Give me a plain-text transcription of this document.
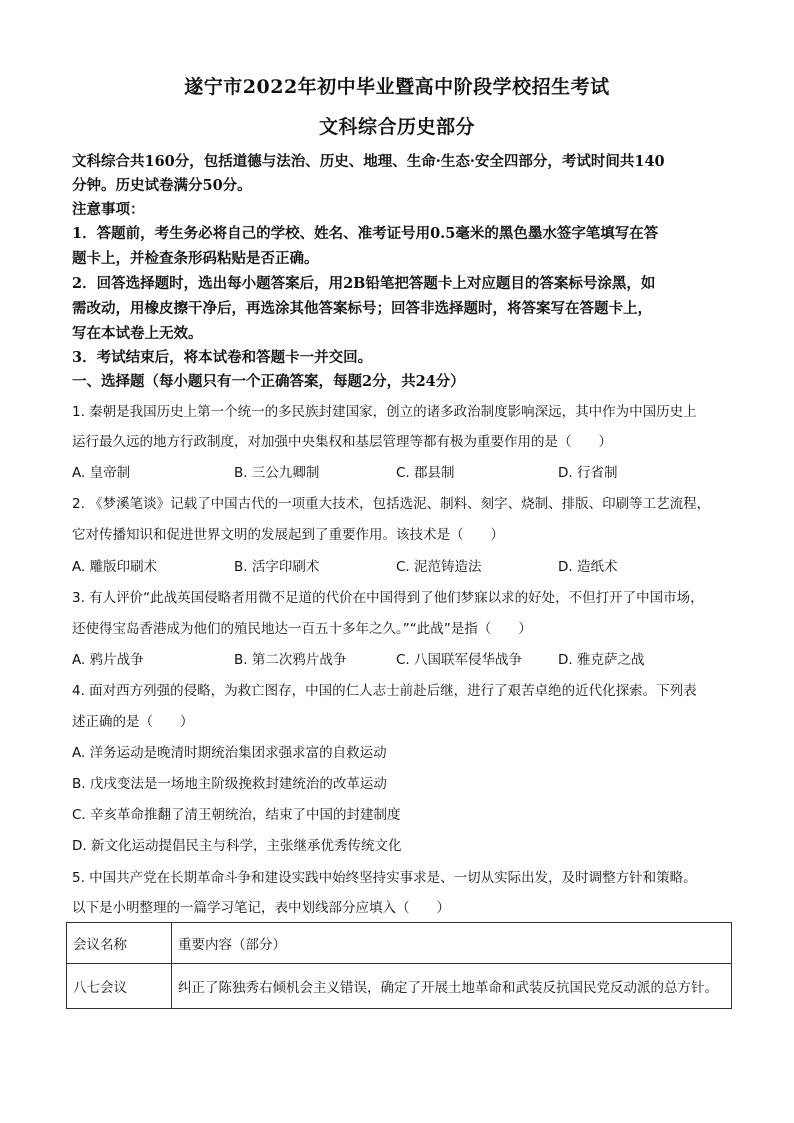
遂宁市2022年初中毕业暨高中阶段学校招生考试
文科综合历史部分
文科综合共160分，包括道德与法治、历史、地理、生命·生态·安全四部分，考试时间共140
分钟。历史试卷满分50分。
注意事项：
1．答题前，考生务必将自己的学校、姓名、准考证号用0.5毫米的黑色墨水签字笔填写在答
题卡上，并检查条形码粘贴是否正确。
2．回答选择题时，选出每小题答案后，用2B铅笔把答题卡上对应题目的答案标号涂黑，如
需改动，用橡皮擦干净后，再选涂其他答案标号；回答非选择题时，将答案写在答题卡上，
写在本试卷上无效。
3．考试结束后，将本试卷和答题卡一并交回。
一、选择题（每小题只有一个正确答案，每题2分，共24分）
1. 秦朝是我国历史上第一个统一的多民族封建国家，创立的诸多政治制度影响深远，其中作为中国历史上
运行最久远的地方行政制度，对加强中央集权和基层管理等都有极为重要作用的是（　　）
A. 皇帝制	B. 三公九卿制	C. 郡县制	D. 行省制
2. 《梦溪笔谈》记载了中国古代的一项重大技术，包括选泥、制料、刻字、烧制、排版、印刷等工艺流程，
它对传播知识和促进世界文明的发展起到了重要作用。该技术是（　　）
A. 雕版印刷术	B. 活字印刷术	C. 泥范铸造法	D. 造纸术
3. 有人评价“此战英国侵略者用微不足道的代价在中国得到了他们梦寐以求的好处，不但打开了中国市场，
还使得宝岛香港成为他们的殖民地达一百五十多年之久。”“此战”是指（　　）
A. 鸦片战争	B. 第二次鸦片战争	C. 八国联军侵华战争	D. 雅克萨之战
4. 面对西方列强的侵略，为救亡图存，中国的仁人志士前赴后继，进行了艰苦卓绝的近代化探索。下列表
述正确的是（　　）
A. 洋务运动是晚清时期统治集团求强求富的自救运动
B. 戊戌变法是一场地主阶级挽救封建统治的改革运动
C. 辛亥革命推翻了清王朝统治，结束了中国的封建制度
D. 新文化运动提倡民主与科学，主张继承优秀传统文化
5. 中国共产党在长期革命斗争和建设实践中始终坚持实事求是、一切从实际出发，及时调整方针和策略。
以下是小明整理的一篇学习笔记，表中划线部分应填入（　　）
会议名称	重要内容（部分）
八七会议	纠正了陈独秀右倾机会主义错误，确定了开展土地革命和武装反抗国民党反动派的总方针。
